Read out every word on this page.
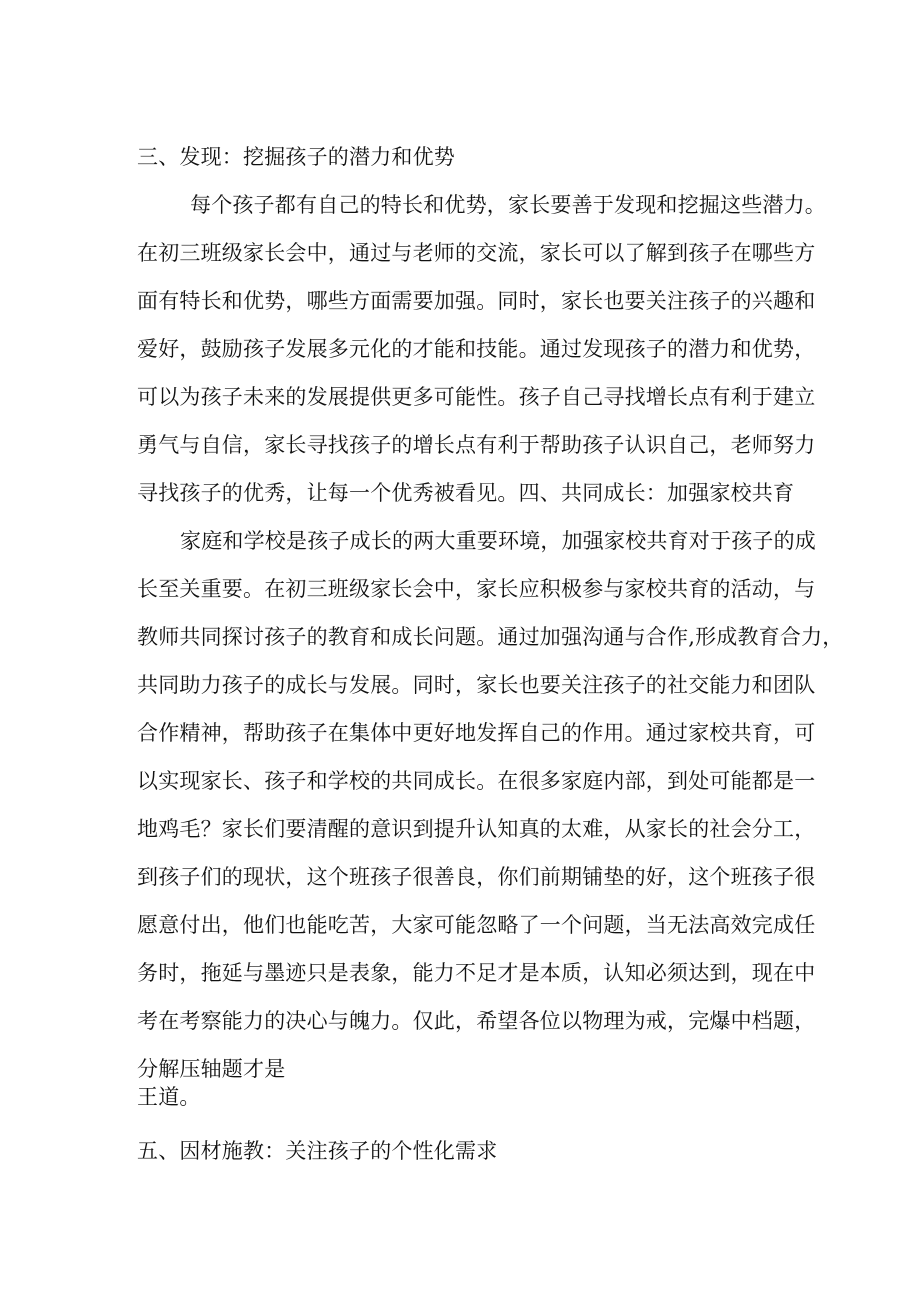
三、发现：挖掘孩子的潜力和优势
每个孩子都有自己的特长和优势，家长要善于发现和挖掘这些潜力。
在初三班级家长会中，通过与老师的交流，家长可以了解到孩子在哪些方
面有特长和优势，哪些方面需要加强。同时，家长也要关注孩子的兴趣和
爱好，鼓励孩子发展多元化的才能和技能。通过发现孩子的潜力和优势，
可以为孩子未来的发展提供更多可能性。孩子自己寻找增长点有利于建立
勇气与自信，家长寻找孩子的增长点有利于帮助孩子认识自己，老师努力
寻找孩子的优秀，让每一个优秀被看见。四、共同成长：加强家校共育
家庭和学校是孩子成长的两大重要环境，加强家校共育对于孩子的成
长至关重要。在初三班级家长会中，家长应积极参与家校共育的活动，与
教师共同探讨孩子的教育和成长问题。通过加强沟通与合作,形成教育合力，
共同助力孩子的成长与发展。同时，家长也要关注孩子的社交能力和团队
合作精神，帮助孩子在集体中更好地发挥自己的作用。通过家校共育，可
以实现家长、孩子和学校的共同成长。在很多家庭内部，到处可能都是一
地鸡毛？家长们要清醒的意识到提升认知真的太难，从家长的社会分工，
到孩子们的现状，这个班孩子很善良，你们前期铺垫的好，这个班孩子很
愿意付出，他们也能吃苦，大家可能忽略了一个问题，当无法高效完成任
务时，拖延与墨迹只是表象，能力不足才是本质，认知必须达到，现在中
考在考察能力的决心与魄力。仅此，希望各位以物理为戒，完爆中档题，
分解压轴题才是
王道。
五、因材施教：关注孩子的个性化需求
